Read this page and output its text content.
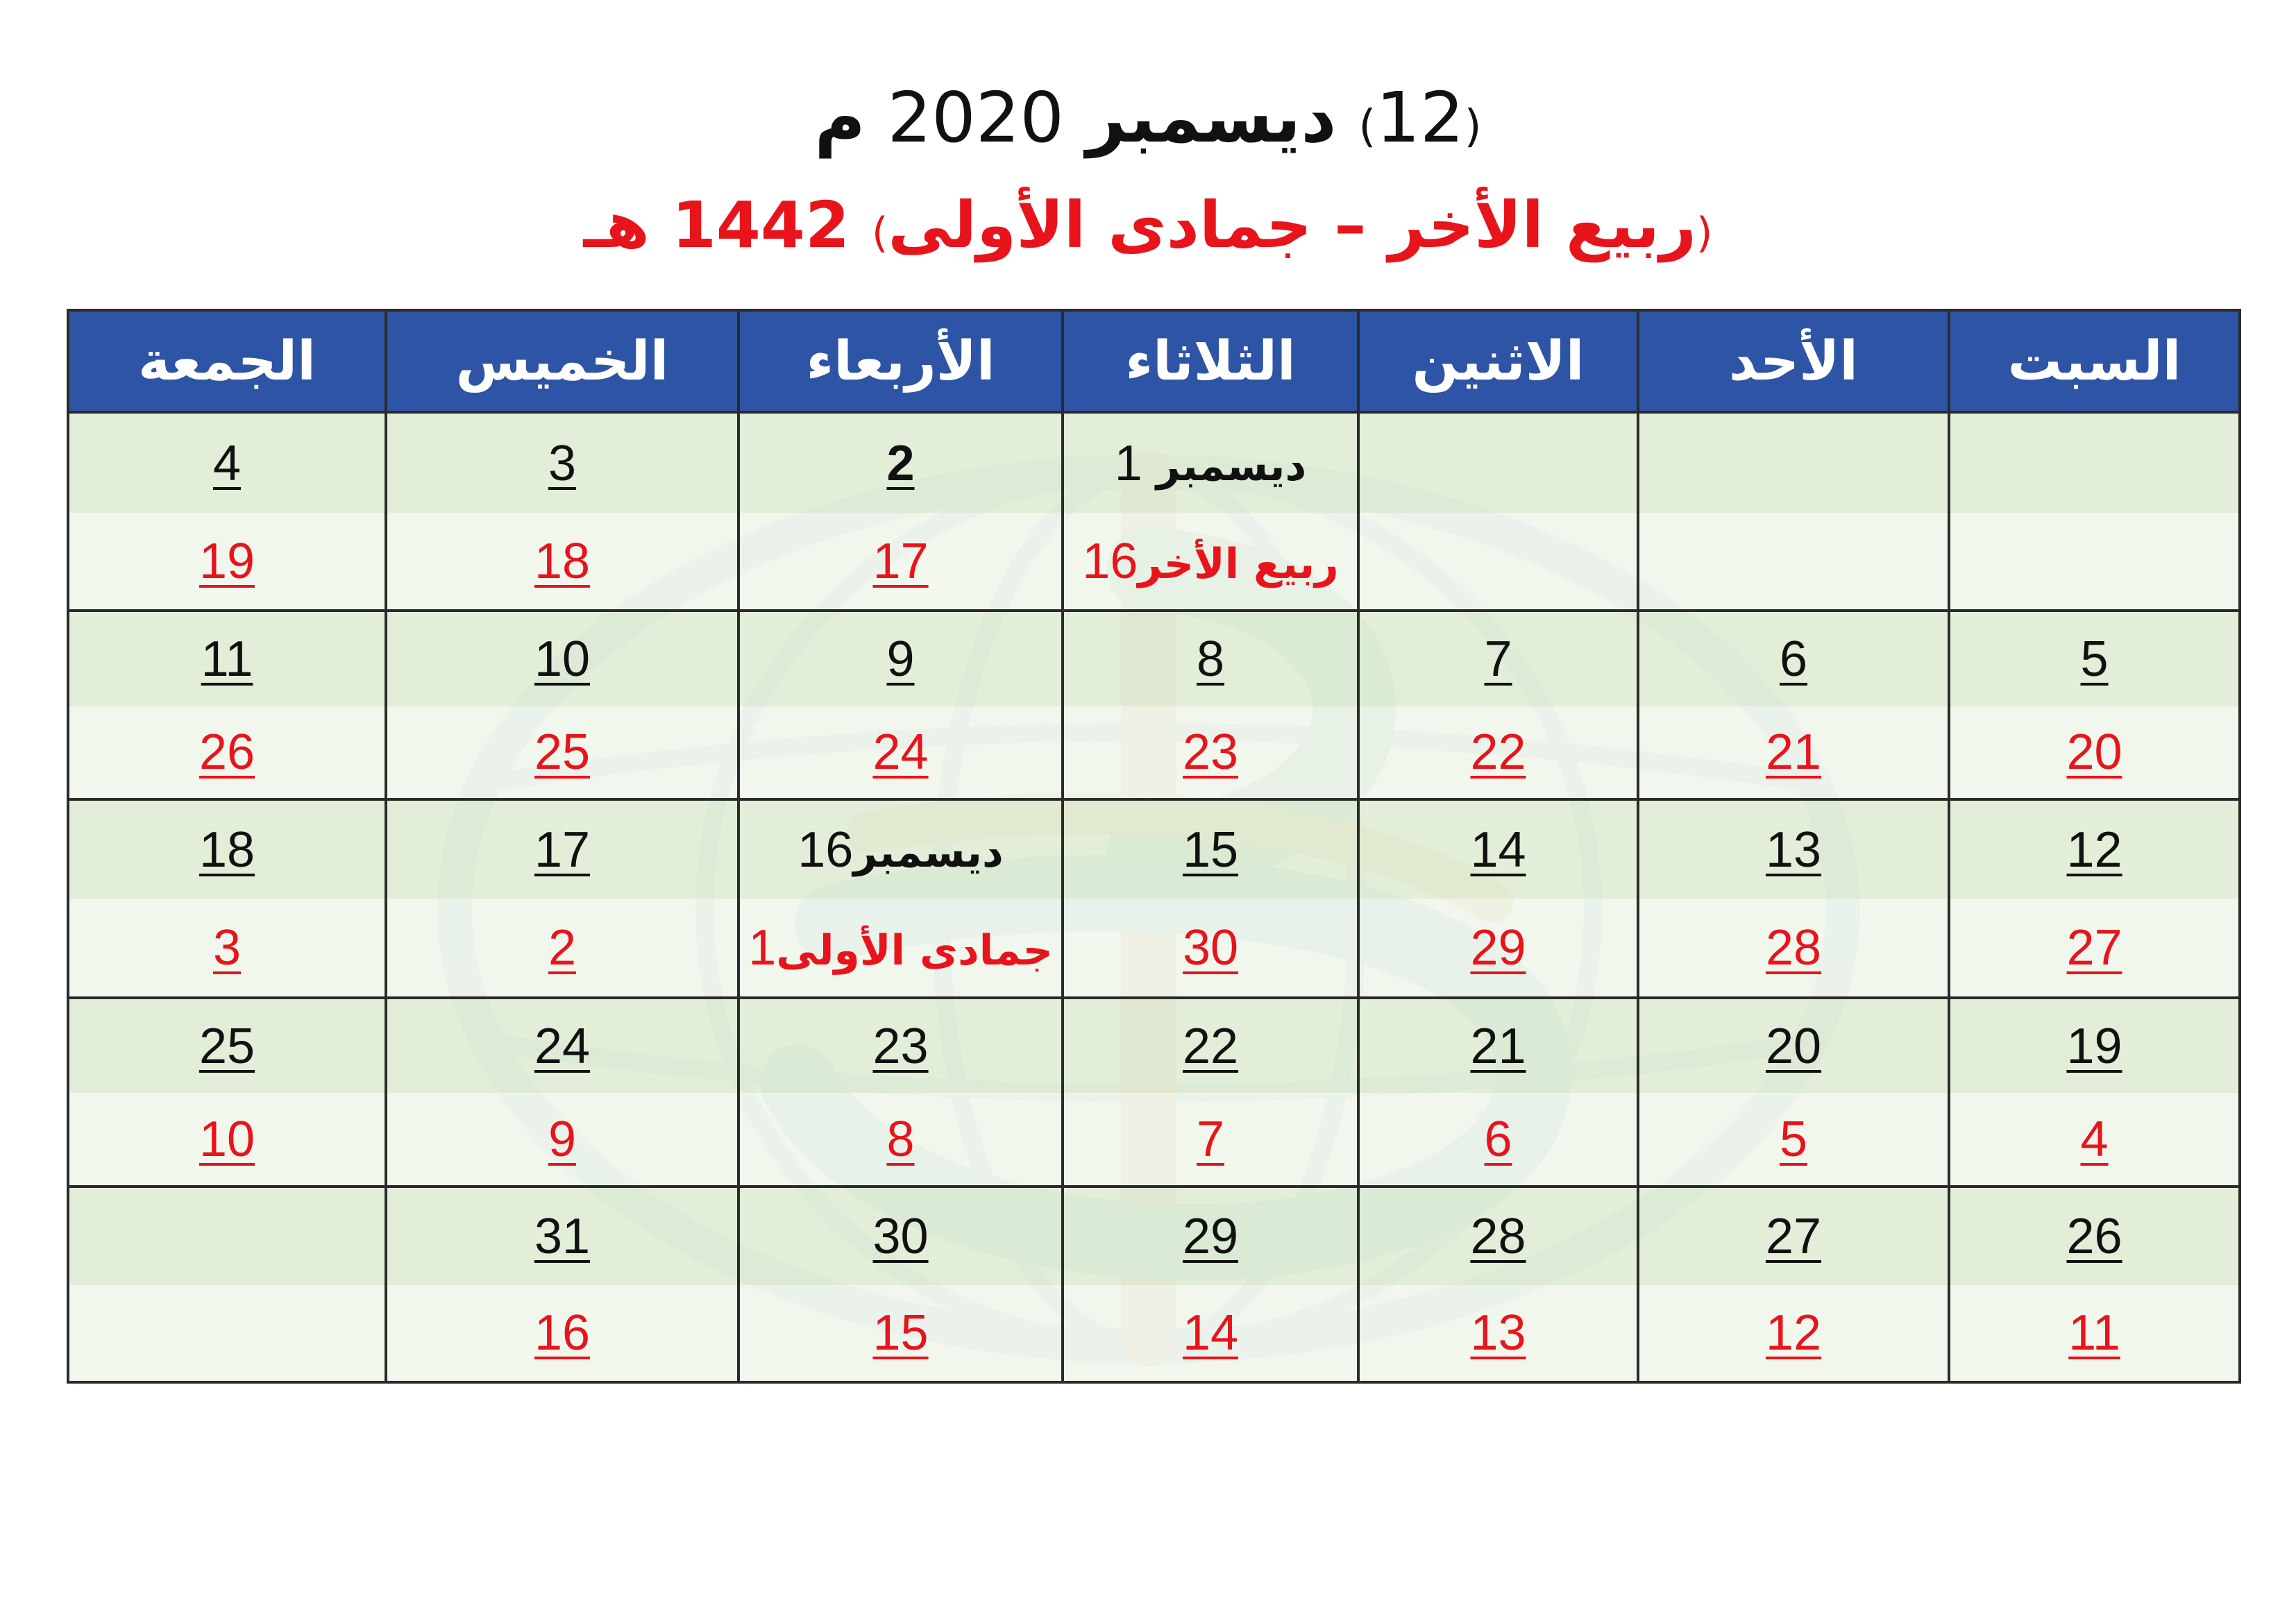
(12) ديسمبر 2020 م
(ربيع الأخر – جمادى الأولى) 1442 هـ
الجمعة	الخميس	الأربعاء	الثلاثاء	الاثنين	الأحد	السبت
4	3	2	ديسمبر 1			
19	18	17	ربيع الأخر16			
11	10	9	8	7	6	5
26	25	24	23	22	21	20
18	17	ديسمبر16	15	14	13	12
3	2	جمادى الأولى1	30	29	28	27
25	24	23	22	21	20	19
10	9	8	7	6	5	4
	31	30	29	28	27	26
	16	15	14	13	12	11
